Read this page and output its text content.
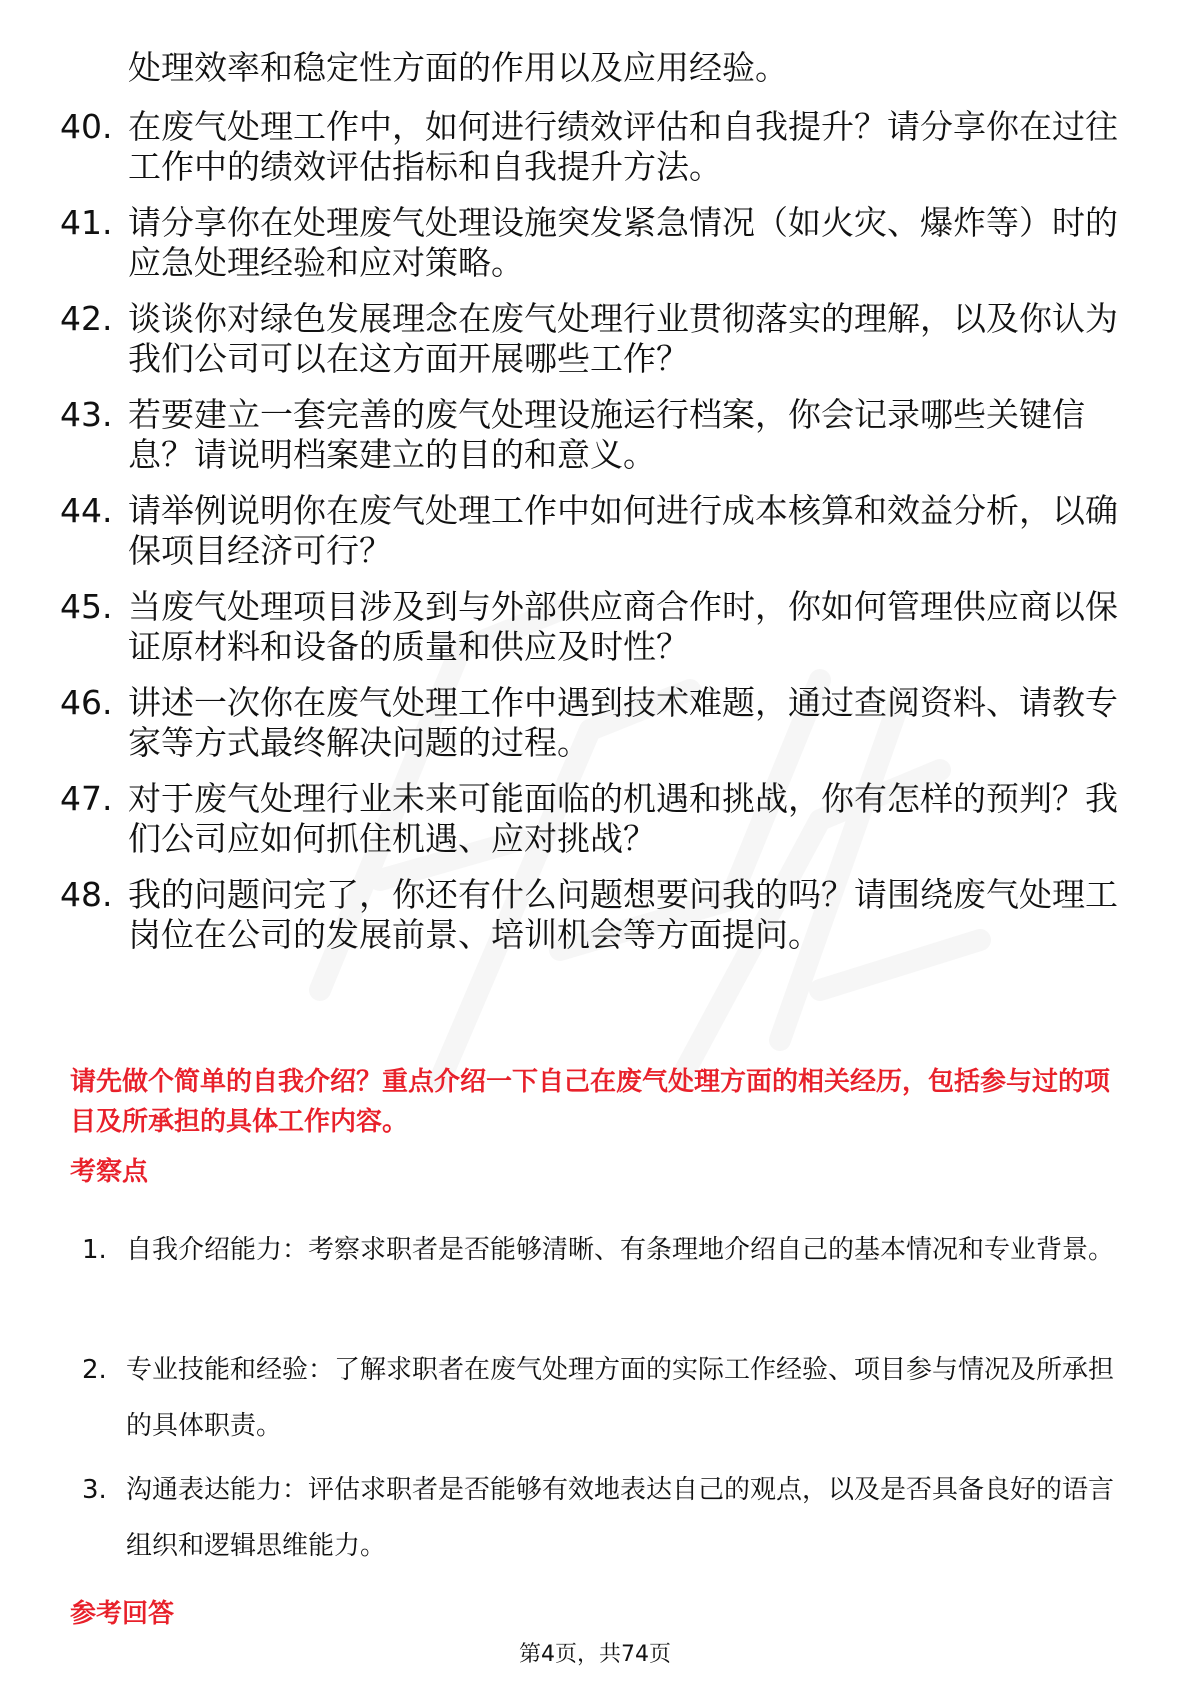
处理效率和稳定性方面的作用以及应用经验。
40. 在废气处理工作中，如何进行绩效评估和自我提升？请分享你在过往工作中的绩效评估指标和自我提升方法。
41. 请分享你在处理废气处理设施突发紧急情况（如火灾、爆炸等）时的应急处理经验和应对策略。
42. 谈谈你对绿色发展理念在废气处理行业贯彻落实的理解，以及你认为我们公司可以在这方面开展哪些工作？
43. 若要建立一套完善的废气处理设施运行档案，你会记录哪些关键信息？请说明档案建立的目的和意义。
44. 请举例说明你在废气处理工作中如何进行成本核算和效益分析，以确保项目经济可行？
45. 当废气处理项目涉及到与外部供应商合作时，你如何管理供应商以保证原材料和设备的质量和供应及时性？
46. 讲述一次你在废气处理工作中遇到技术难题，通过查阅资料、请教专家等方式最终解决问题的过程。
47. 对于废气处理行业未来可能面临的机遇和挑战，你有怎样的预判？我们公司应如何抓住机遇、应对挑战？
48. 我的问题问完了，你还有什么问题想要问我的吗？请围绕废气处理工岗位在公司的发展前景、培训机会等方面提问。
请先做个简单的自我介绍？重点介绍一下自己在废气处理方面的相关经历，包括参与过的项目及所承担的具体工作内容。
考察点
1. 自我介绍能力：考察求职者是否能够清晰、有条理地介绍自己的基本情况和专业背景。
2. 专业技能和经验：了解求职者在废气处理方面的实际工作经验、项目参与情况及所承担的具体职责。
3. 沟通表达能力：评估求职者是否能够有效地表达自己的观点，以及是否具备良好的语言组织和逻辑思维能力。
参考回答
第4页，共74页
